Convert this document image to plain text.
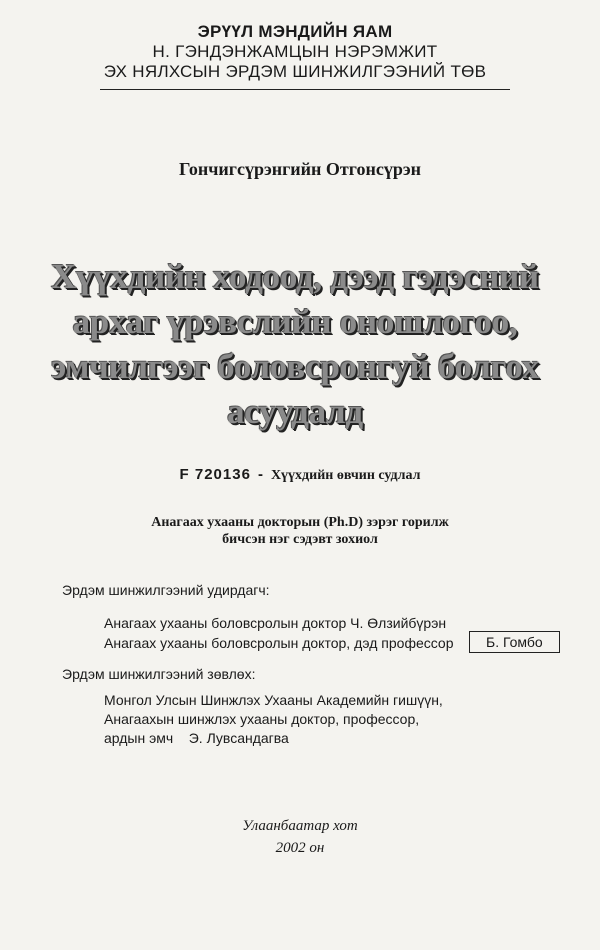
ЭРҮҮЛ МЭНДИЙН ЯАМ
Н. ГЭНДЭНЖАМЦЫН НЭРЭМЖИТ
ЭХ НЯЛХСЫН ЭРДЭМ ШИНЖИЛГЭЭНИЙ ТӨВ
Гончигсүрэнгийн Отгонсүрэн
Хүүхдийн ходоод, дээд гэдэсний
архаг үрэвслийн оношлогоо,
эмчилгээг боловсронгуй болгох
асуудалд
F 720136 - Хүүхдийн өвчин судлал
Анагаах ухааны докторын (Ph.D) зэрэг горилж
бичсэн нэг сэдэвт зохиол
Эрдэм шинжилгээний удирдагч:
Анагаах ухааны боловсролын доктор Ч. Өлзийбүрэн
Анагаах ухааны боловсролын доктор, дэд профессор	Б. Гомбо
Эрдэм шинжилгээний зөвлөх:
Монгол Улсын Шинжлэх Ухааны Академийн гишүүн,
Анагаахын шинжлэх ухааны доктор, профессор,
ардын эмч    Э. Лувсандагва
Улаанбаатар хот
2002 он
